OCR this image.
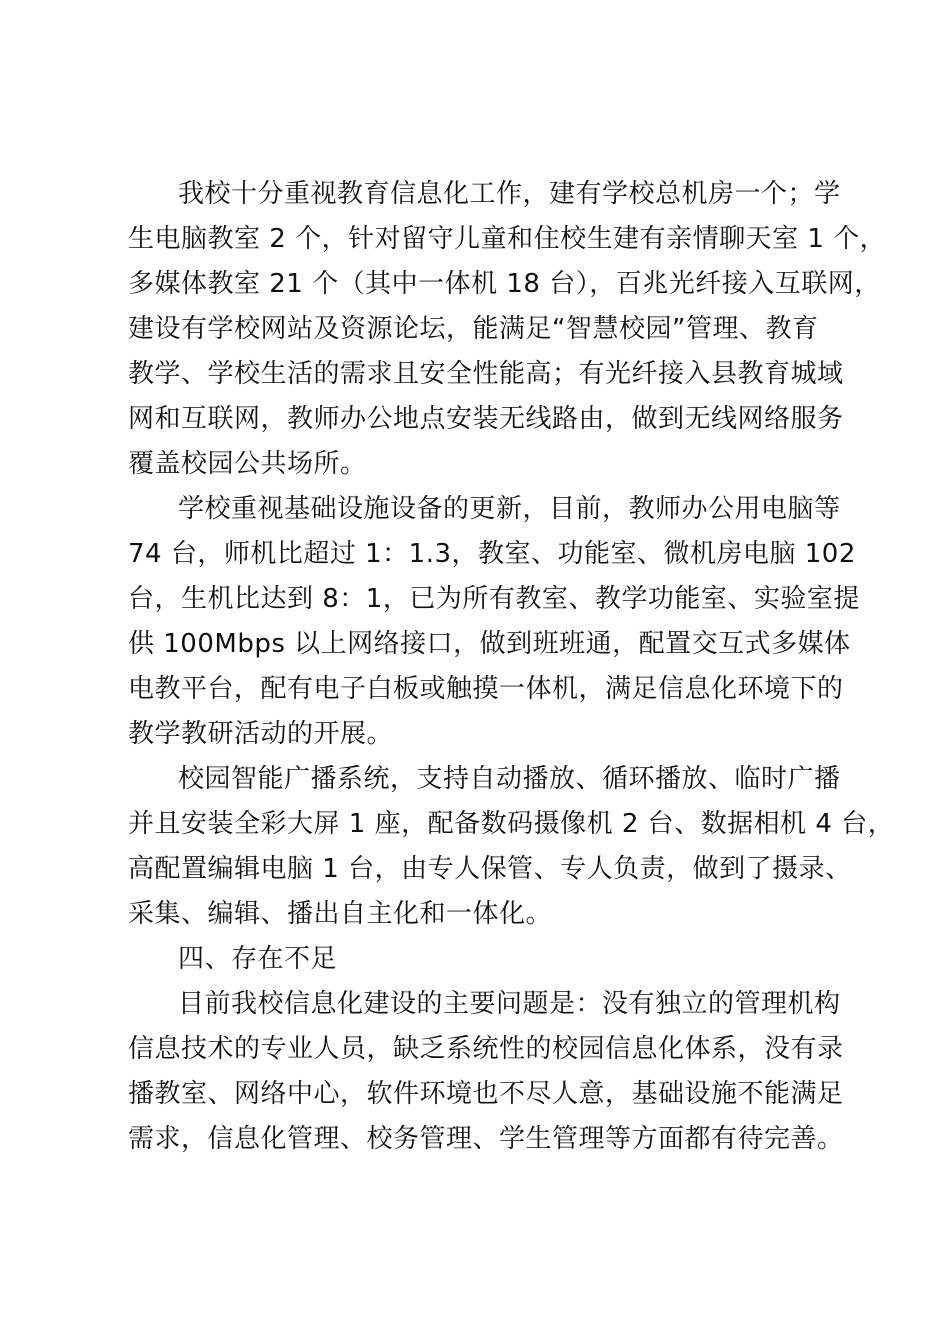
我校十分重视教育信息化工作，建有学校总机房一个；学
生电脑教室 2 个，针对留守儿童和住校生建有亲情聊天室 1 个，
多媒体教室 21 个（其中一体机 18 台），百兆光纤接入互联网，
建设有学校网站及资源论坛，能满足“智慧校园”管理、教育
教学、学校生活的需求且安全性能高；有光纤接入县教育城域
网和互联网，教师办公地点安装无线路由，做到无线网络服务
覆盖校园公共场所。
学校重视基础设施设备的更新，目前，教师办公用电脑等
74 台，师机比超过 1：1.3，教室、功能室、微机房电脑 102
台，生机比达到 8：1，已为所有教室、教学功能室、实验室提
供 100Mbps 以上网络接口，做到班班通，配置交互式多媒体
电教平台，配有电子白板或触摸一体机，满足信息化环境下的
教学教研活动的开展。
校园智能广播系统，支持自动播放、循环播放、临时广播
并且安装全彩大屏 1 座，配备数码摄像机 2 台、数据相机 4 台，
高配置编辑电脑 1 台，由专人保管、专人负责，做到了摄录、
采集、编辑、播出自主化和一体化。
四、存在不足
目前我校信息化建设的主要问题是：没有独立的管理机构
信息技术的专业人员，缺乏系统性的校园信息化体系，没有录
播教室、网络中心，软件环境也不尽人意，基础设施不能满足
需求，信息化管理、校务管理、学生管理等方面都有待完善。
